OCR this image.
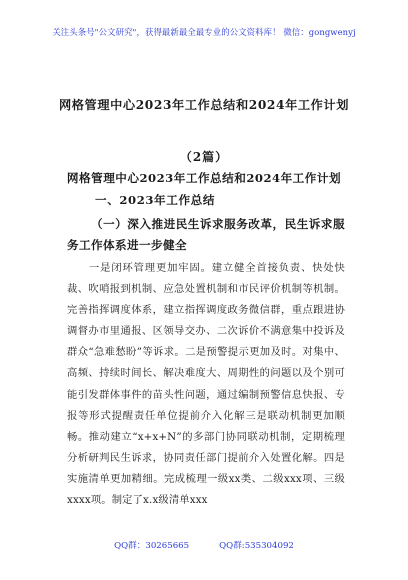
关注头条号"公文研究"，获得最新最全最专业的公文资料库！ 微信：gongwenyj
网格管理中心2023年工作总结和2024年工作计划
（2篇）
网格管理中心2023年工作总结和2024年工作计划
一、2023年工作总结
（一）深入推进民生诉求服务改革，民生诉求服务工作体系进一步健全
一是闭环管理更加牢固。建立健全首接负责、快处快裁、吹哨报到机制、应急处置机制和市民评价机制等机制。完善指挥调度体系，建立指挥调度政务微信群，重点跟进协调督办市里通报、区领导交办、二次诉价不满意集中投诉及群众“急难愁盼”等诉求。二是预警提示更加及时。对集中、高频、持续时间长、解决难度大、周期性的问题以及个别可能引发群体事件的苗头性问题，通过编制预警信息快报、专报等形式提醒责任单位提前介入化解三是联动机制更加顺畅。推动建立“x+x+N”的多部门协同联动机制，定期梳理分析研判民生诉求，协同责任部门提前介入处置化解。四是实施清单更加精细。完成梳理一级xx类、二级xxx项、三级xxxx项。制定了x.x级清单xxx
QQ群：30265665	QQ群:535304092
